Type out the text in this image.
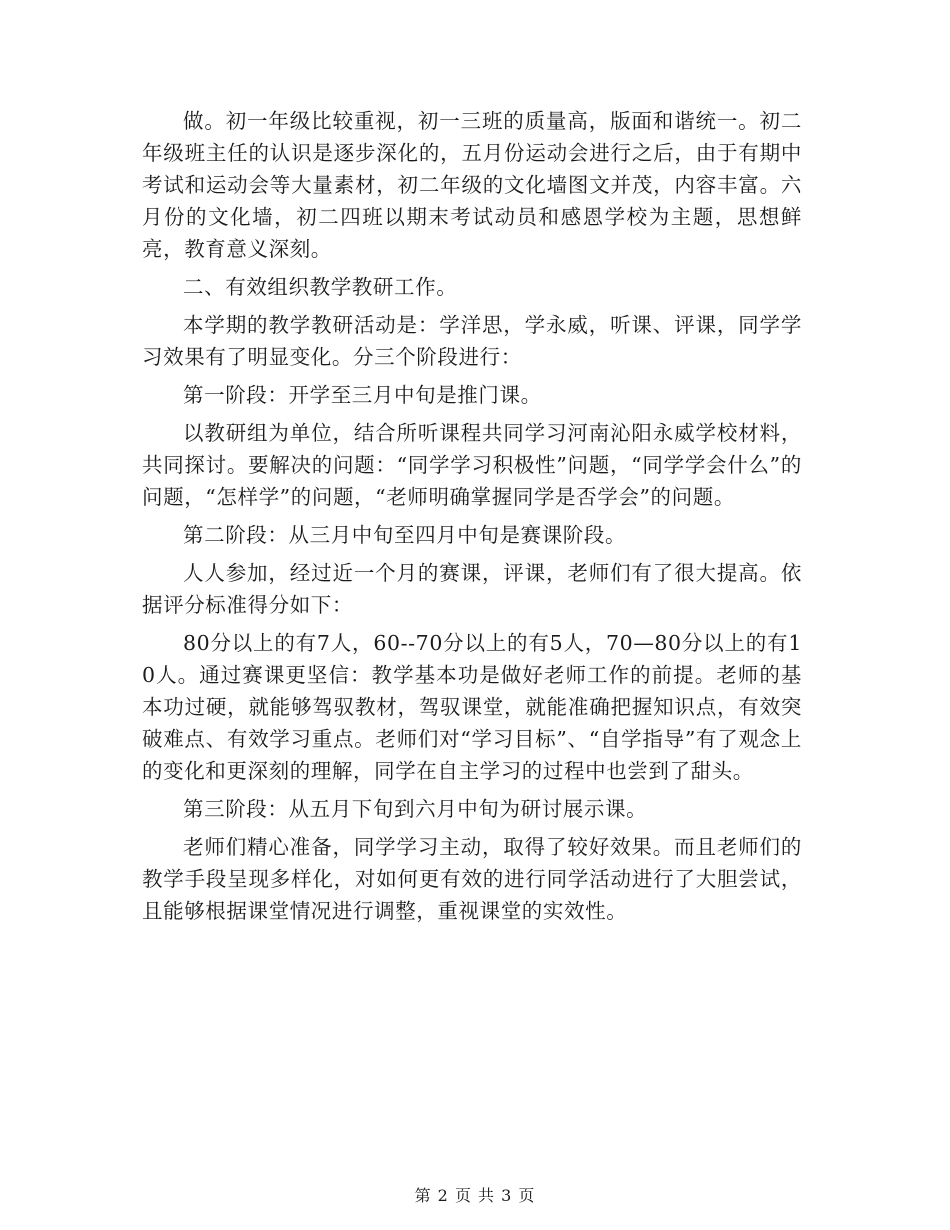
做。初一年级比较重视，初一三班的质量高，版面和谐统一。初二年级班主任的认识是逐步深化的，五月份运动会进行之后，由于有期中考试和运动会等大量素材，初二年级的文化墙图文并茂，内容丰富。六月份的文化墙，初二四班以期末考试动员和感恩学校为主题，思想鲜亮，教育意义深刻。

二、有效组织教学教研工作。

本学期的教学教研活动是：学洋思，学永威，听课、评课，同学学习效果有了明显变化。分三个阶段进行：

第一阶段：开学至三月中旬是推门课。

以教研组为单位，结合所听课程共同学习河南沁阳永威学校材料，共同探讨。要解决的问题：“同学学习积极性”问题，“同学学会什么”的问题，“怎样学”的问题，“老师明确掌握同学是否学会”的问题。

第二阶段：从三月中旬至四月中旬是赛课阶段。

人人参加，经过近一个月的赛课，评课，老师们有了很大提高。依据评分标准得分如下：

80分以上的有7人，60--70分以上的有5人，70—80分以上的有10人。通过赛课更坚信：教学基本功是做好老师工作的前提。老师的基本功过硬，就能够驾驭教材，驾驭课堂，就能准确把握知识点，有效突破难点、有效学习重点。老师们对“学习目标”、“自学指导”有了观念上的变化和更深刻的理解，同学在自主学习的过程中也尝到了甜头。

第三阶段：从五月下旬到六月中旬为研讨展示课。

老师们精心准备，同学学习主动，取得了较好效果。而且老师们的教学手段呈现多样化，对如何更有效的进行同学活动进行了大胆尝试，且能够根据课堂情况进行调整，重视课堂的实效性。

第 2 页 共 3 页
